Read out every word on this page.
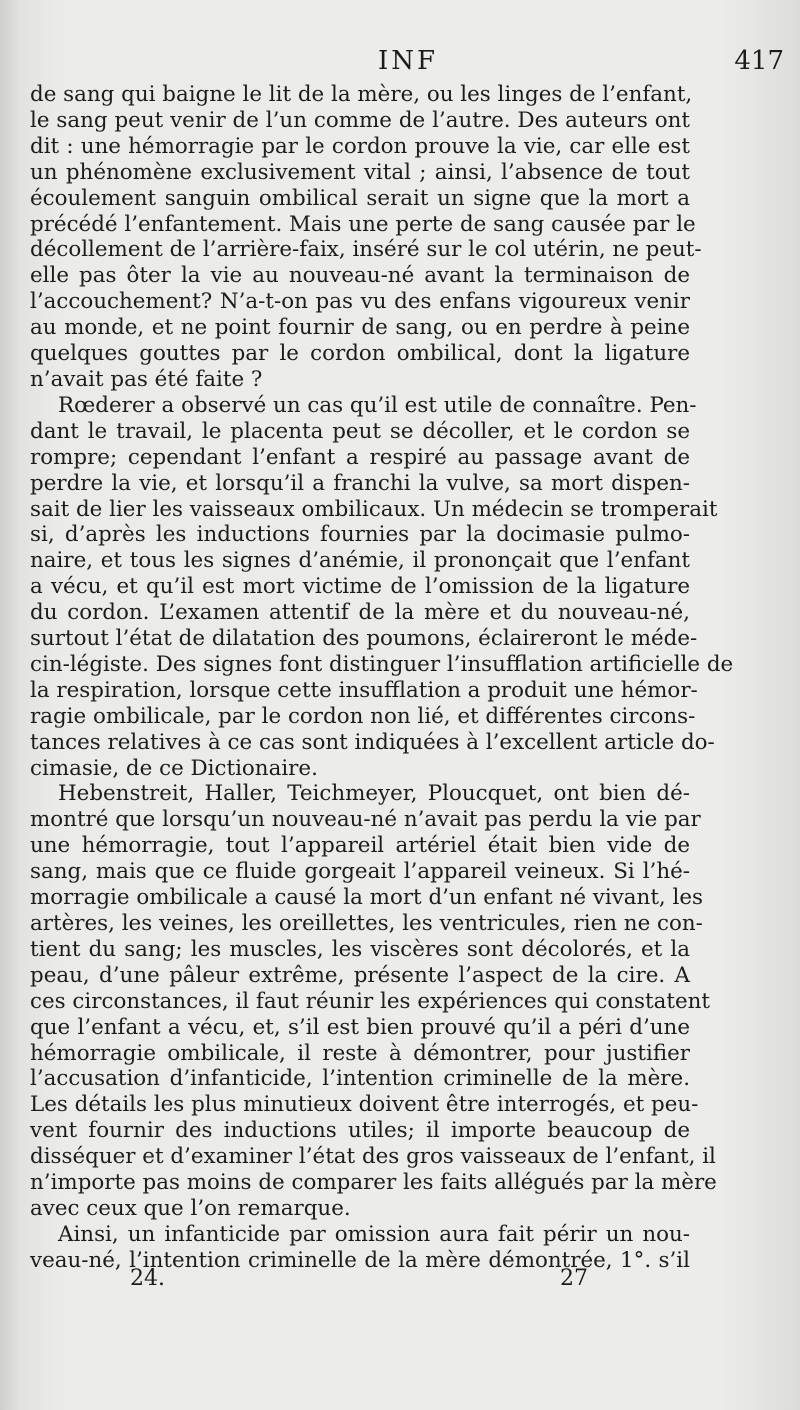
INF	417
de sang qui baigne le lit de la mère, ou les linges de l’enfant,
le sang peut venir de l’un comme de l’autre. Des auteurs ont
dit : une hémorragie par le cordon prouve la vie, car elle est
un phénomène exclusivement vital ; ainsi, l’absence de tout
écoulement sanguin ombilical serait un signe que la mort a
précédé l’enfantement. Mais une perte de sang causée par le
décollement de l’arrière-faix, inséré sur le col utérin, ne peut-
elle pas ôter la vie au nouveau-né avant la terminaison de
l’accouchement? N’a-t-on pas vu des enfans vigoureux venir
au monde, et ne point fournir de sang, ou en perdre à peine
quelques gouttes par le cordon ombilical, dont la ligature
n’avait pas été faite ?
Rœderer a observé un cas qu’il est utile de connaître. Pen-
dant le travail, le placenta peut se décoller, et le cordon se
rompre; cependant l’enfant a respiré au passage avant de
perdre la vie, et lorsqu’il a franchi la vulve, sa mort dispen-
sait de lier les vaisseaux ombilicaux. Un médecin se tromperait
si, d’après les inductions fournies par la docimasie pulmo-
naire, et tous les signes d’anémie, il prononçait que l’enfant
a vécu, et qu’il est mort victime de l’omission de la ligature
du cordon. L’examen attentif de la mère et du nouveau-né,
surtout l’état de dilatation des poumons, éclaireront le méde-
cin-légiste. Des signes font distinguer l’insufflation artificielle de
la respiration, lorsque cette insufflation a produit une hémor-
ragie ombilicale, par le cordon non lié, et différentes circons-
tances relatives à ce cas sont indiquées à l’excellent article do-
cimasie, de ce Dictionaire.
Hebenstreit, Haller, Teichmeyer, Ploucquet, ont bien dé-
montré que lorsqu’un nouveau-né n’avait pas perdu la vie par
une hémorragie, tout l’appareil artériel était bien vide de
sang, mais que ce fluide gorgeait l’appareil veineux. Si l’hé-
morragie ombilicale a causé la mort d’un enfant né vivant, les
artères, les veines, les oreillettes, les ventricules, rien ne con-
tient du sang; les muscles, les viscères sont décolorés, et la
peau, d’une pâleur extrême, présente l’aspect de la cire. A
ces circonstances, il faut réunir les expériences qui constatent
que l’enfant a vécu, et, s’il est bien prouvé qu’il a péri d’une
hémorragie ombilicale, il reste à démontrer, pour justifier
l’accusation d’infanticide, l’intention criminelle de la mère.
Les détails les plus minutieux doivent être interrogés, et peu-
vent fournir des inductions utiles; il importe beaucoup de
disséquer et d’examiner l’état des gros vaisseaux de l’enfant, il
n’importe pas moins de comparer les faits allégués par la mère
avec ceux que l’on remarque.
Ainsi, un infanticide par omission aura fait périr un nou-
veau-né, l’intention criminelle de la mère démontrée, 1°. s’il
24.	27
